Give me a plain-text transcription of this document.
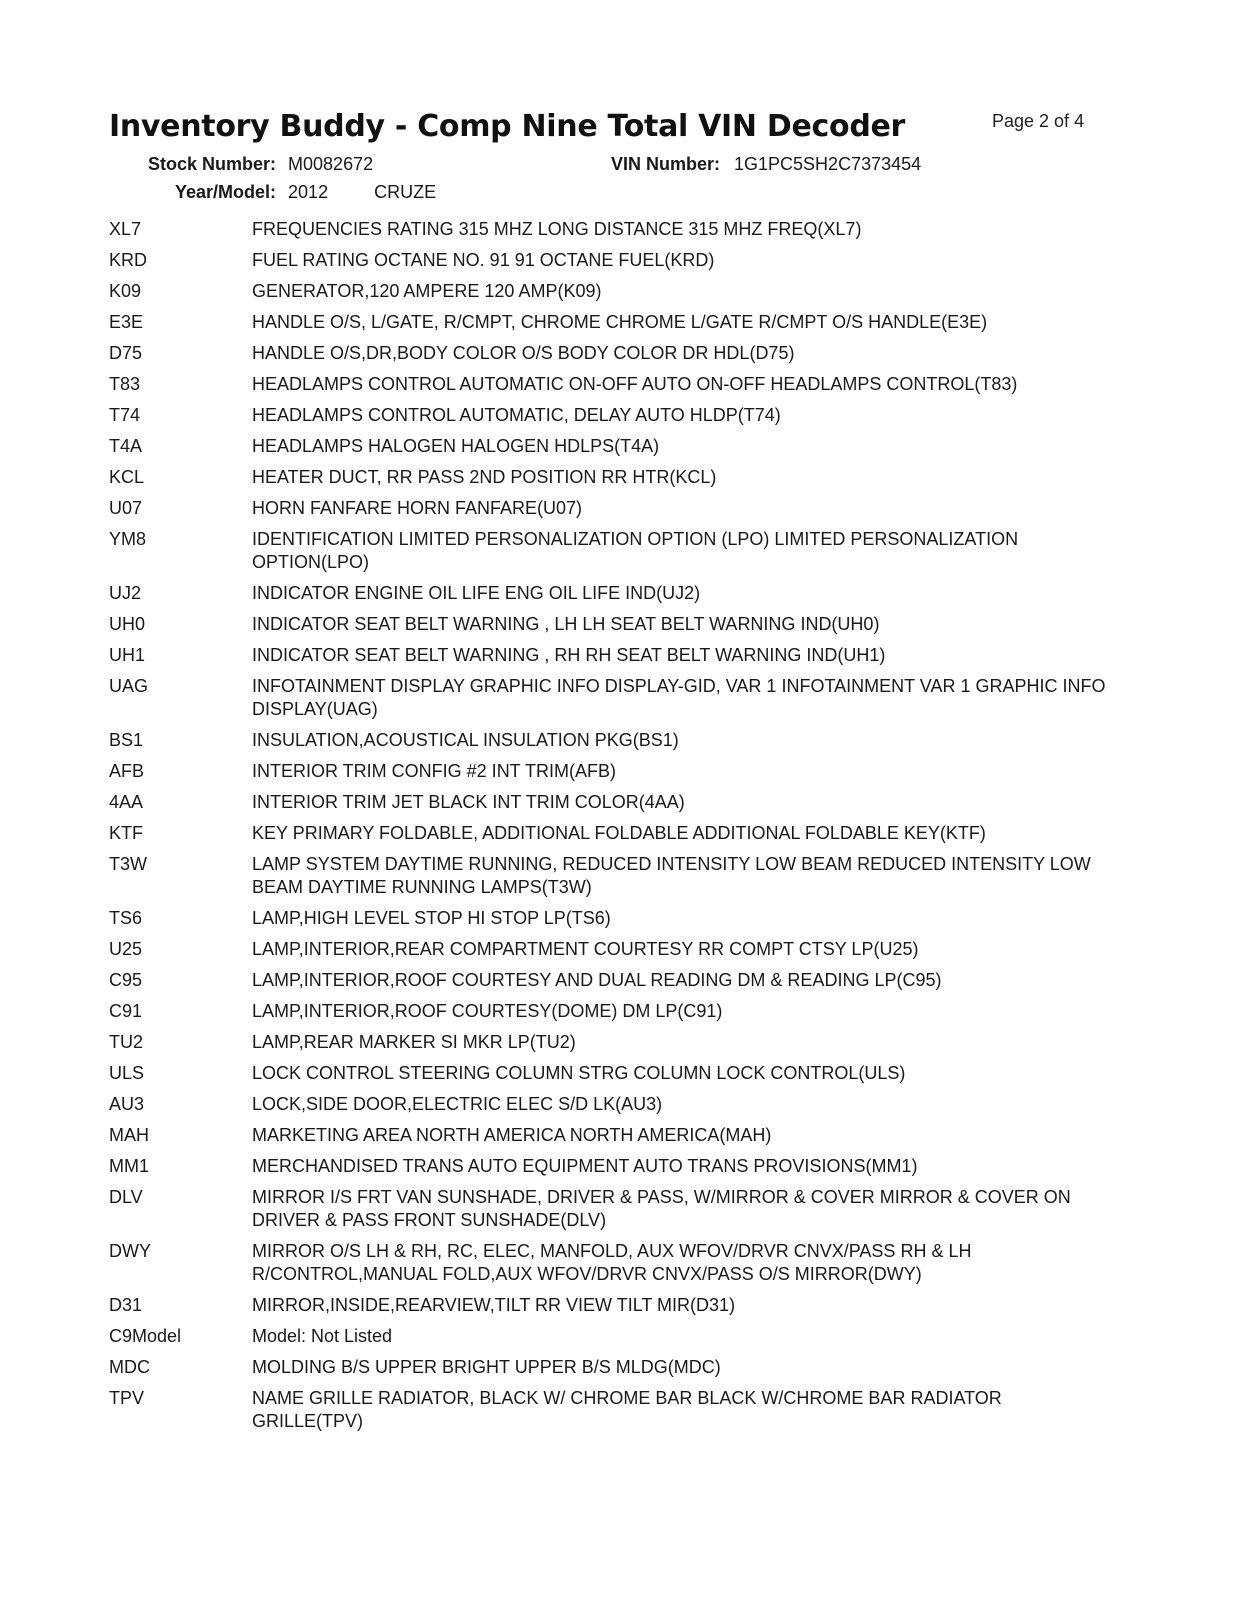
Inventory Buddy - Comp Nine Total VIN Decoder	Page 2 of 4
Stock Number: M0082672	VIN Number: 1G1PC5SH2C7373454
Year/Model: 2012	CRUZE
XL7	FREQUENCIES RATING 315 MHZ LONG DISTANCE 315 MHZ FREQ(XL7)
KRD	FUEL RATING OCTANE NO. 91 91 OCTANE FUEL(KRD)
K09	GENERATOR,120 AMPERE 120 AMP(K09)
E3E	HANDLE O/S, L/GATE, R/CMPT, CHROME CHROME L/GATE R/CMPT O/S HANDLE(E3E)
D75	HANDLE O/S,DR,BODY COLOR O/S BODY COLOR DR HDL(D75)
T83	HEADLAMPS CONTROL AUTOMATIC ON-OFF AUTO ON-OFF HEADLAMPS CONTROL(T83)
T74	HEADLAMPS CONTROL AUTOMATIC, DELAY AUTO HLDP(T74)
T4A	HEADLAMPS HALOGEN HALOGEN HDLPS(T4A)
KCL	HEATER DUCT, RR PASS 2ND POSITION RR HTR(KCL)
U07	HORN FANFARE HORN FANFARE(U07)
YM8	IDENTIFICATION LIMITED PERSONALIZATION OPTION (LPO) LIMITED PERSONALIZATION OPTION(LPO)
UJ2	INDICATOR ENGINE OIL LIFE ENG OIL LIFE IND(UJ2)
UH0	INDICATOR SEAT BELT WARNING , LH LH SEAT BELT WARNING IND(UH0)
UH1	INDICATOR SEAT BELT WARNING , RH RH SEAT BELT WARNING IND(UH1)
UAG	INFOTAINMENT DISPLAY GRAPHIC INFO DISPLAY-GID, VAR 1 INFOTAINMENT VAR 1 GRAPHIC INFO DISPLAY(UAG)
BS1	INSULATION,ACOUSTICAL INSULATION PKG(BS1)
AFB	INTERIOR TRIM CONFIG #2 INT TRIM(AFB)
4AA	INTERIOR TRIM JET BLACK INT TRIM COLOR(4AA)
KTF	KEY PRIMARY FOLDABLE, ADDITIONAL FOLDABLE ADDITIONAL FOLDABLE KEY(KTF)
T3W	LAMP SYSTEM DAYTIME RUNNING, REDUCED INTENSITY LOW BEAM REDUCED INTENSITY LOW BEAM DAYTIME RUNNING LAMPS(T3W)
TS6	LAMP,HIGH LEVEL STOP HI STOP LP(TS6)
U25	LAMP,INTERIOR,REAR COMPARTMENT COURTESY RR COMPT CTSY LP(U25)
C95	LAMP,INTERIOR,ROOF COURTESY AND DUAL READING DM & READING LP(C95)
C91	LAMP,INTERIOR,ROOF COURTESY(DOME) DM LP(C91)
TU2	LAMP,REAR MARKER SI MKR LP(TU2)
ULS	LOCK CONTROL STEERING COLUMN STRG COLUMN LOCK CONTROL(ULS)
AU3	LOCK,SIDE DOOR,ELECTRIC ELEC S/D LK(AU3)
MAH	MARKETING AREA NORTH AMERICA NORTH AMERICA(MAH)
MM1	MERCHANDISED TRANS AUTO EQUIPMENT AUTO TRANS PROVISIONS(MM1)
DLV	MIRROR I/S FRT VAN SUNSHADE, DRIVER & PASS, W/MIRROR & COVER MIRROR & COVER ON DRIVER & PASS FRONT SUNSHADE(DLV)
DWY	MIRROR O/S LH & RH, RC, ELEC, MANFOLD, AUX WFOV/DRVR CNVX/PASS RH & LH R/CONTROL,MANUAL FOLD,AUX WFOV/DRVR CNVX/PASS O/S MIRROR(DWY)
D31	MIRROR,INSIDE,REARVIEW,TILT RR VIEW TILT MIR(D31)
C9Model	Model: Not Listed
MDC	MOLDING B/S UPPER BRIGHT UPPER B/S MLDG(MDC)
TPV	NAME GRILLE RADIATOR, BLACK W/ CHROME BAR BLACK W/CHROME BAR RADIATOR GRILLE(TPV)
